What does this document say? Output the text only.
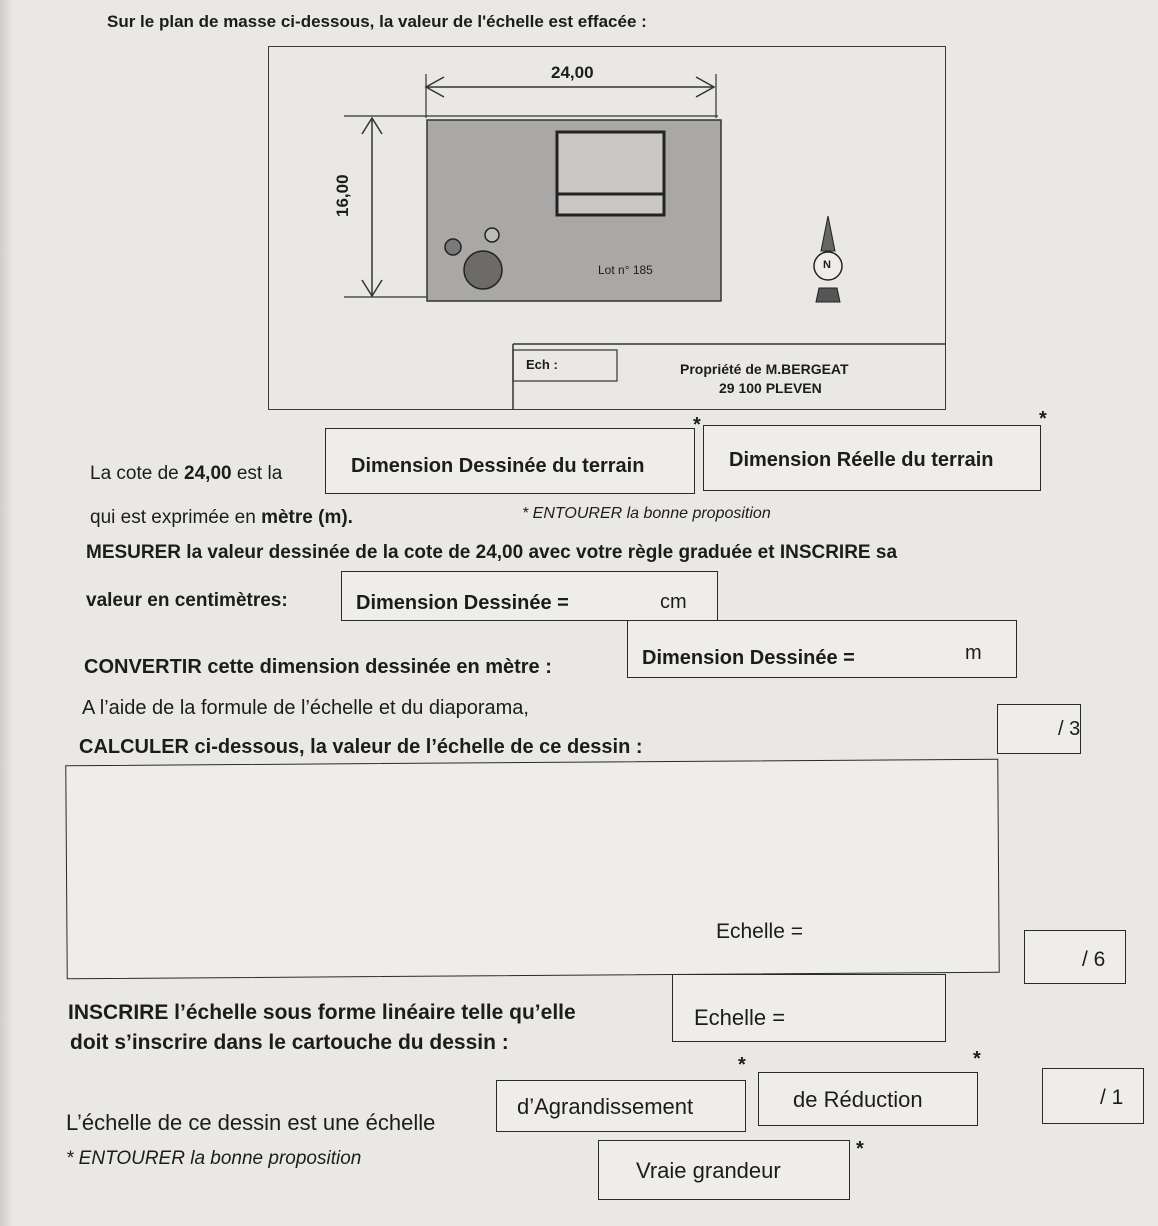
Sur le plan de masse ci-dessous, la valeur de l'échelle est effacée :
24,00
16,00
Lot n° 185	N
Ech :	Propriété de M.BERGEAT
29 100 PLEVEN
La cote de 24,00 est la	Dimension Dessinée du terrain	Dimension Réelle du terrain
*	*
qui est exprimée en mètre (m).	* ENTOURER la bonne proposition
MESURER la valeur dessinée de la cote de 24,00 avec votre règle graduée et INSCRIRE sa
valeur en centimètres:	Dimension Dessinée =	cm
CONVERTIR cette dimension dessinée en mètre :	Dimension Dessinée =	m
/ 3
A l’aide de la formule de l’échelle et du diaporama,
CALCULER ci-dessous, la valeur de l’échelle de ce dessin :
Echelle =
/ 6
INSCRIRE l’échelle sous forme linéaire telle qu’elle
doit s’inscrire dans le cartouche du dessin :
Echelle =
L’échelle de ce dessin est une échelle
d’Agrandissement	de Réduction
*	*
/ 1
* ENTOURER la bonne proposition	Vraie grandeur
*
